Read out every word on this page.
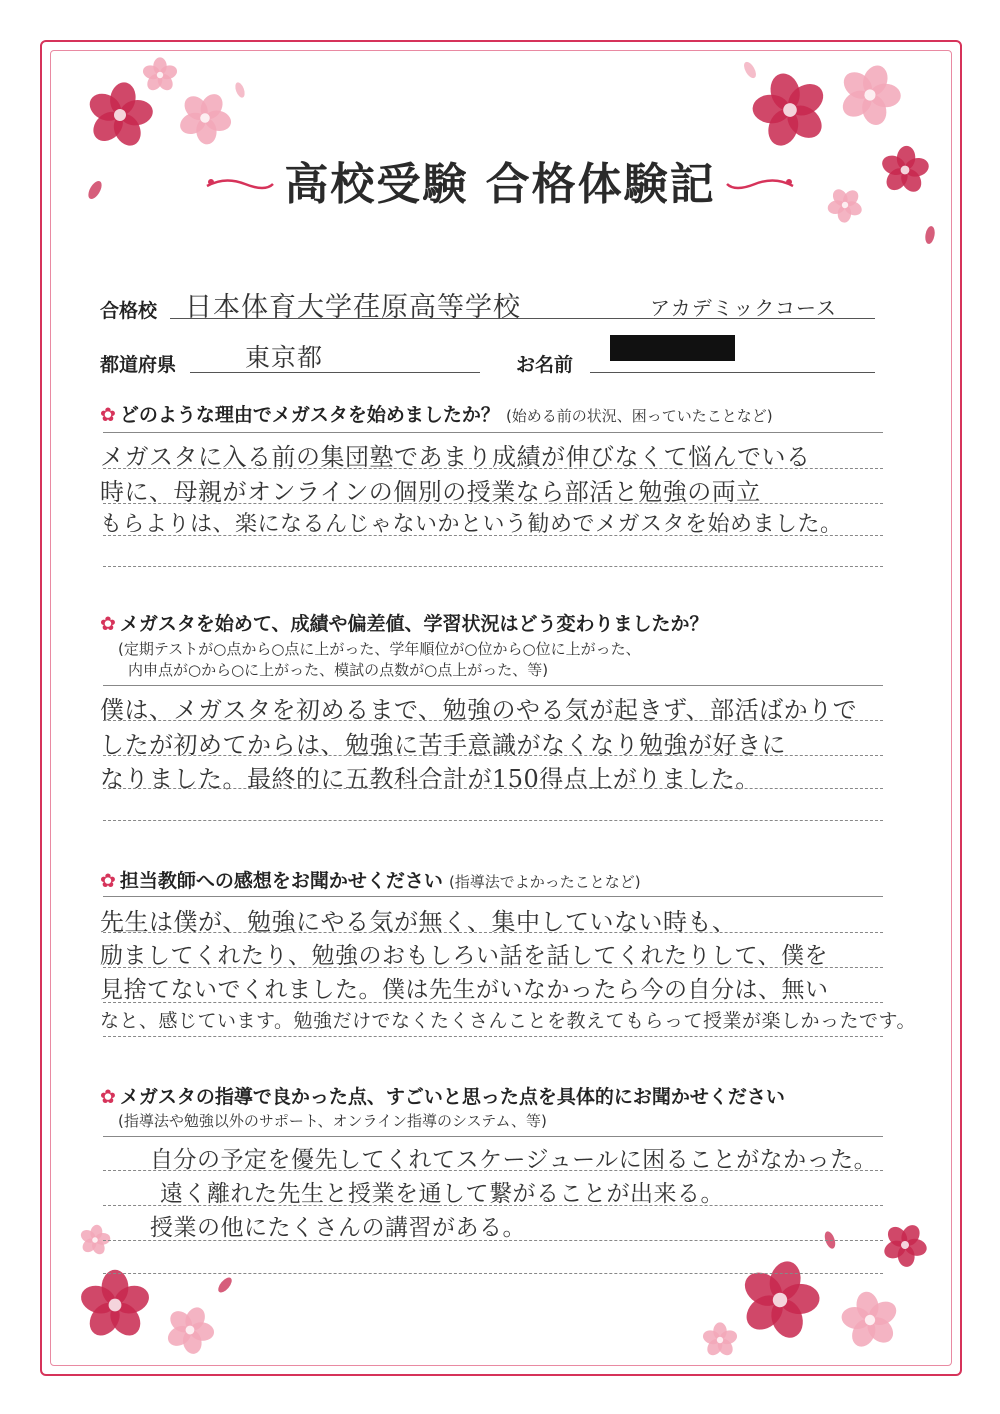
高校受験 合格体験記
合格校 日本体育大学荏原高等学校	アカデミックコース
都道府県	東京都	お名前
✿ どのような理由でメガスタを始めましたか？ (始める前の状況、困っていたことなど)
メガスタに入る前の集団塾であまり成績が伸びなくて悩んでいる
時に、母親がオンラインの個別の授業なら部活と勉強の両立
もらよりは、楽になるんじゃないかという勧めでメガスタを始めました。
✿ メガスタを始めて、成績や偏差値、学習状況はどう変わりましたか？
(定期テストが○点から○点に上がった、学年順位が○位から○位に上がった、
内申点が○から○に上がった、模試の点数が○点上がった、等)
僕は、メガスタを初めるまで、勉強のやる気が起きず、部活ばかりで
したが初めてからは、勉強に苦手意識がなくなり勉強が好きに
なりました。最終的に五教科合計が150得点上がりました。
✿ 担当教師への感想をお聞かせください (指導法でよかったことなど)
先生は僕が、勉強にやる気が無く、集中していない時も、
励ましてくれたり、勉強のおもしろい話を話してくれたりして、僕を
見捨てないでくれました。僕は先生がいなかったら今の自分は、無い
なと、感じています。勉強だけでなくたくさんことを教えてもらって授業が楽しかったです。
✿ メガスタの指導で良かった点、すごいと思った点を具体的にお聞かせください
(指導法や勉強以外のサポート、オンライン指導のシステム、等)
自分の予定を優先してくれてスケージュールに困ることがなかった。
遠く離れた先生と授業を通して繋がることが出来る。
授業の他にたくさんの講習がある。
